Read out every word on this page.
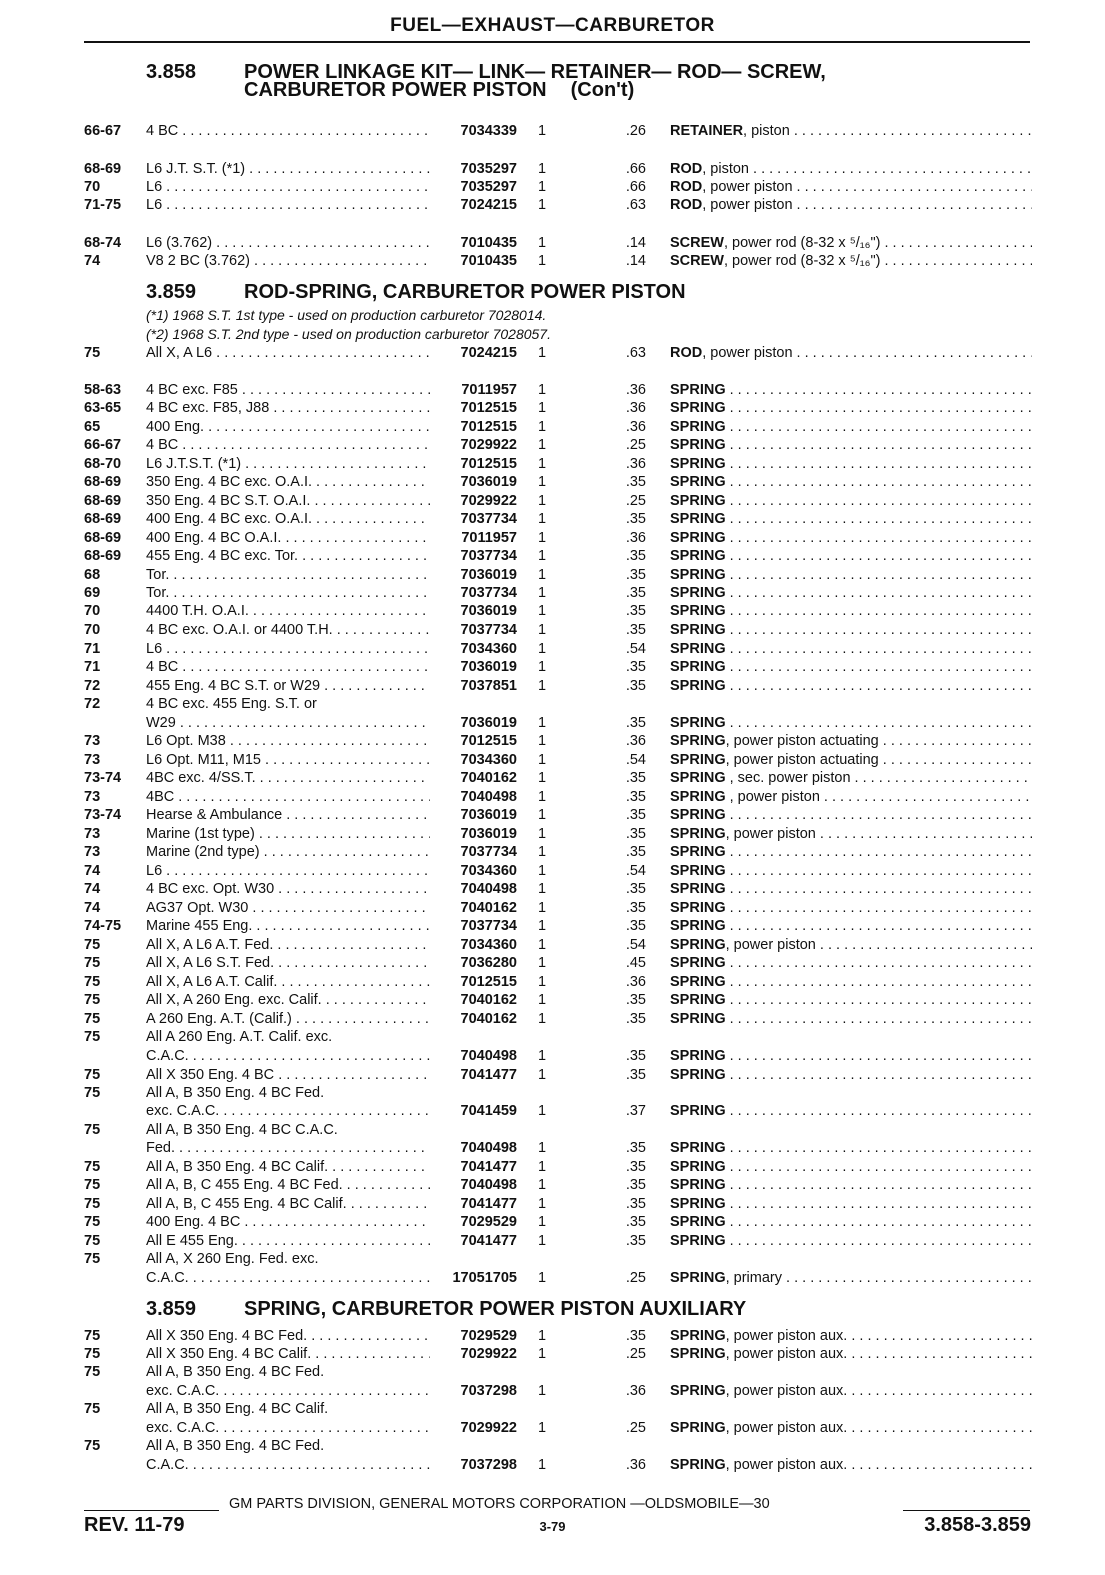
FUEL—EXHAUST—CARBURETOR
3.858 POWER LINKAGE KIT— LINK— RETAINER— ROD— SCREW,
CARBURETOR POWER PISTON (Con't)
3.859 ROD-SPRING, CARBURETOR POWER PISTON
(*1) 1968 S.T. 1st type - used on production carburetor 7028014.
(*2) 1968 S.T. 2nd type - used on production carburetor 7028057.
3.859 SPRING, CARBURETOR POWER PISTON AUXILIARY
66-67	4 BC . . .	7034339 1	.26 RETAINER, piston . . .
68-69	L6 J.T. S.T. (*1) . . .	7035297 1	.66 ROD, piston . . .
70	L6 . . .	7035297 1	.66 ROD, power piston . . .
71-75	L6 . . .	7024215 1	.63 ROD, power piston . . .
68-74	L6 (3.762) . . .	7010435 1	.14 SCREW, power rod (8-32 x ⁵/₁₆") . . .
74	V8 2 BC (3.762) . . .	7010435 1	.14 SCREW, power rod (8-32 x ⁵/₁₆") . . .
75	All X, A L6 . . .	7024215 1	.63 ROD, power piston . . .
58-63	4 BC exc. F85 . . .	7011957 1	.36 SPRING . . .
63-65	4 BC exc. F85, J88 . . .	7012515 1	.36 SPRING . . .
65	400 Eng. . . .	7012515 1	.36 SPRING . . .
66-67	4 BC . . .	7029922 1	.25 SPRING . . .
68-70	L6 J.T.S.T. (*1) . . .	7012515 1	.36 SPRING . . .
68-69	350 Eng. 4 BC exc. O.A.I. . . .	7036019 1	.35 SPRING . . .
68-69	350 Eng. 4 BC S.T. O.A.I. . . .	7029922 1	.25 SPRING . . .
68-69	400 Eng. 4 BC exc. O.A.I. . . .	7037734 1	.35 SPRING . . .
68-69	400 Eng. 4 BC O.A.I. . . .	7011957 1	.36 SPRING . . .
68-69	455 Eng. 4 BC exc. Tor. . . .	7037734 1	.35 SPRING . . .
68	Tor. . . .	7036019 1	.35 SPRING . . .
69	Tor. . . .	7037734 1	.35 SPRING . . .
70	4400 T.H. O.A.I. . . .	7036019 1	.35 SPRING . . .
70	4 BC exc. O.A.I. or 4400 T.H. . . .	7037734 1	.35 SPRING . . .
71	L6 . . .	7034360 1	.54 SPRING . . .
71	4 BC . . .	7036019 1	.35 SPRING . . .
72	455 Eng. 4 BC S.T. or W29 . . .	7037851 1	.35 SPRING . . .
72	4 BC exc. 455 Eng. S.T. or
W29 . . .	7036019 1	.35 SPRING . . .
73	L6 Opt. M38 . . .	7012515 1	.36 SPRING, power piston actuating . . .
73	L6 Opt. M11, M15 . . .	7034360 1	.54 SPRING, power piston actuating . . .
73-74	4BC exc. 4/SS.T. . . .	7040162 1	.35 SPRING , sec. power piston . . .
73	4BC . . .	7040498 1	.35 SPRING , power piston . . .
73-74	Hearse & Ambulance . . .	7036019 1	.35 SPRING . . .
73	Marine (1st type) . . .	7036019 1	.35 SPRING, power piston . . .
73	Marine (2nd type) . . .	7037734 1	.35 SPRING . . .
74	L6 . . .	7034360 1	.54 SPRING . . .
74	4 BC exc. Opt. W30 . . .	7040498 1	.35 SPRING . . .
74	AG37 Opt. W30 . . .	7040162 1	.35 SPRING . . .
74-75	Marine 455 Eng. . . .	7037734 1	.35 SPRING . . .
75	All X, A L6 A.T. Fed. . . .	7034360 1	.54 SPRING, power piston . . .
75	All X, A L6 S.T. Fed. . . .	7036280 1	.45 SPRING . . .
75	All X, A L6 A.T. Calif. . . .	7012515 1	.36 SPRING . . .
75	All X, A 260 Eng. exc. Calif. . . .	7040162 1	.35 SPRING . . .
75	A 260 Eng. A.T. (Calif.) . . .	7040162 1	.35 SPRING . . .
75	All A 260 Eng. A.T. Calif. exc.
C.A.C. . . .	7040498 1	.35 SPRING . . .
75	All X 350 Eng. 4 BC . . .	7041477 1	.35 SPRING . . .
75	All A, B 350 Eng. 4 BC Fed.
exc. C.A.C. . . .	7041459 1	.37 SPRING . . .
75	All A, B 350 Eng. 4 BC C.A.C.
Fed. . . .	7040498 1	.35 SPRING . . .
75	All A, B 350 Eng. 4 BC Calif. . . .	7041477 1	.35 SPRING . . .
75	All A, B, C 455 Eng. 4 BC Fed. . . .	7040498 1	.35 SPRING . . .
75	All A, B, C 455 Eng. 4 BC Calif. . . .	7041477 1	.35 SPRING . . .
75	400 Eng. 4 BC . . .	7029529 1	.35 SPRING . . .
75	All E 455 Eng. . . .	7041477 1	.35 SPRING . . .
75	All A, X 260 Eng. Fed. exc.
C.A.C. . . .	17051705 1	.25 SPRING, primary . . .
75	All X 350 Eng. 4 BC Fed. . . .	7029529 1	.35 SPRING, power piston aux. . . .
75	All X 350 Eng. 4 BC Calif. . . .	7029922 1	.25 SPRING, power piston aux. . . .
75	All A, B 350 Eng. 4 BC Fed.
exc. C.A.C. . . .	7037298 1	.36 SPRING, power piston aux. . . .
75	All A, B 350 Eng. 4 BC Calif.
exc. C.A.C. . . .	7029922 1	.25 SPRING, power piston aux. . . .
75	All A, B 350 Eng. 4 BC Fed.
C.A.C. . . .	7037298 1	.36 SPRING, power piston aux. . . .
GM PARTS DIVISION, GENERAL MOTORS CORPORATION —OLDSMOBILE—30
REV. 11-79	3-79	3.858-3.859
